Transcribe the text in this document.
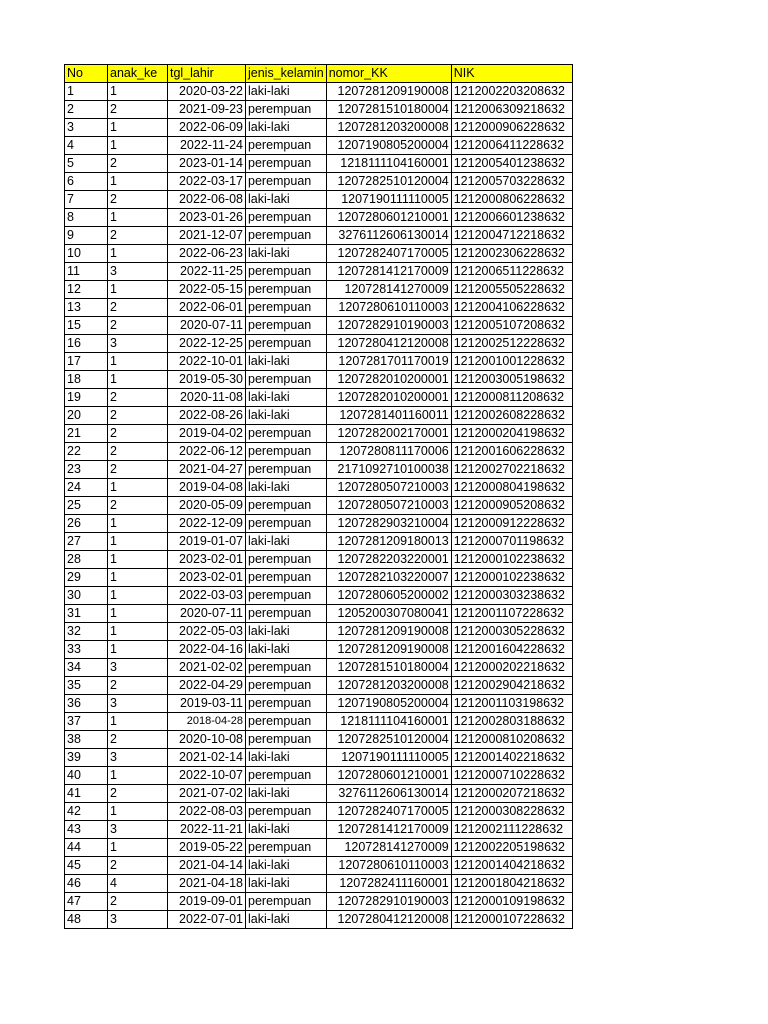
No	anak_ke	tgl_lahir	jenis_kelamin	nomor_KK	NIK
1	1	2020-03-22	laki-laki	1207281209190008	1212002203208632
2	2	2021-09-23	perempuan	1207281510180004	1212006309218632
3	1	2022-06-09	laki-laki	1207281203200008	1212000906228632
4	1	2022-11-24	perempuan	1207190805200004	1212006411228632
5	2	2023-01-14	perempuan	1218111104160001	1212005401238632
6	1	2022-03-17	perempuan	1207282510120004	1212005703228632
7	2	2022-06-08	laki-laki	1207190111110005	1212000806228632
8	1	2023-01-26	perempuan	1207280601210001	1212006601238632
9	2	2021-12-07	perempuan	3276112606130014	1212004712218632
10	1	2022-06-23	laki-laki	1207282407170005	1212002306228632
11	3	2022-11-25	perempuan	1207281412170009	1212006511228632
12	1	2022-05-15	perempuan	120728141270009	1212005505228632
13	2	2022-06-01	perempuan	1207280610110003	1212004106228632
15	2	2020-07-11	perempuan	1207282910190003	1212005107208632
16	3	2022-12-25	perempuan	1207280412120008	1212002512228632
17	1	2022-10-01	laki-laki	1207281701170019	1212001001228632
18	1	2019-05-30	perempuan	1207282010200001	1212003005198632
19	2	2020-11-08	laki-laki	1207282010200001	1212000811208632
20	2	2022-08-26	laki-laki	1207281401160011	1212002608228632
21	2	2019-04-02	perempuan	1207282002170001	1212000204198632
22	2	2022-06-12	perempuan	1207280811170006	1212001606228632
23	2	2021-04-27	perempuan	2171092710100038	1212002702218632
24	1	2019-04-08	laki-laki	1207280507210003	1212000804198632
25	2	2020-05-09	perempuan	1207280507210003	1212000905208632
26	1	2022-12-09	perempuan	1207282903210004	1212000912228632
27	1	2019-01-07	laki-laki	1207281209180013	1212000701198632
28	1	2023-02-01	perempuan	1207282203220001	1212000102238632
29	1	2023-02-01	perempuan	1207282103220007	1212000102238632
30	1	2022-03-03	perempuan	1207280605200002	1212000303238632
31	1	2020-07-11	perempuan	1205200307080041	1212001107228632
32	1	2022-05-03	laki-laki	1207281209190008	1212000305228632
33	1	2022-04-16	laki-laki	1207281209190008	1212001604228632
34	3	2021-02-02	perempuan	1207281510180004	1212000202218632
35	2	2022-04-29	perempuan	1207281203200008	1212002904218632
36	3	2019-03-11	perempuan	1207190805200004	1212001103198632
37	1	2018-04-28	perempuan	1218111104160001	1212002803188632
38	2	2020-10-08	perempuan	1207282510120004	1212000810208632
39	3	2021-02-14	laki-laki	1207190111110005	1212001402218632
40	1	2022-10-07	perempuan	1207280601210001	1212000710228632
41	2	2021-07-02	laki-laki	3276112606130014	1212000207218632
42	1	2022-08-03	perempuan	1207282407170005	1212000308228632
43	3	2022-11-21	laki-laki	1207281412170009	1212002111228632
44	1	2019-05-22	perempuan	120728141270009	1212002205198632
45	2	2021-04-14	laki-laki	1207280610110003	1212001404218632
46	4	2021-04-18	laki-laki	1207282411160001	1212001804218632
47	2	2019-09-01	perempuan	1207282910190003	1212000109198632
48	3	2022-07-01	laki-laki	1207280412120008	1212000107228632
